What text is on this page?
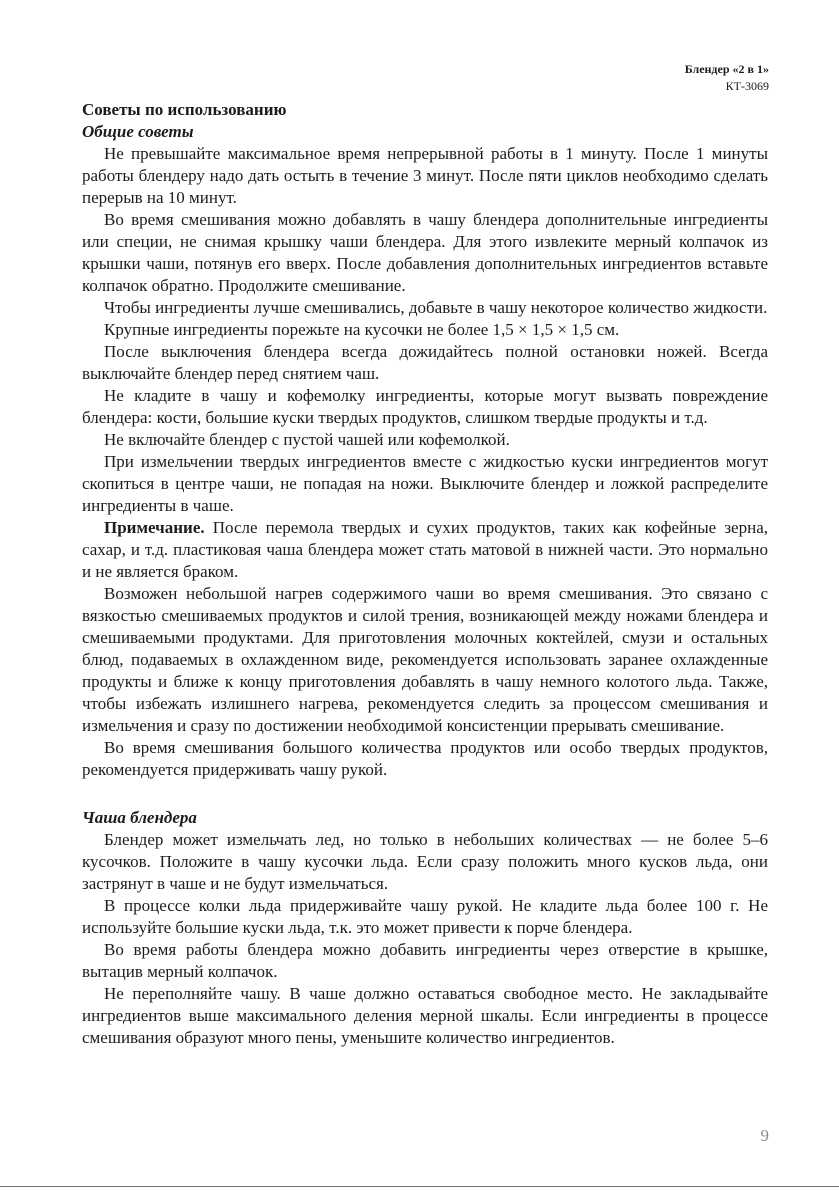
Блендер «2 в 1»
КТ-3069
Советы по использованию
Общие советы

Не превышайте максимальное время непрерывной работы в 1 минуту. После 1 минуты работы блендеру надо дать остыть в течение 3 минут. После пяти циклов необходимо сделать перерыв на 10 минут.

Во время смешивания можно добавлять в чашу блендера дополнительные ингредиенты или специи, не снимая крышку чаши блендера. Для этого извлеките мерный колпачок из крышки чаши, потянув его вверх. После добавления дополнительных ингредиентов вставьте колпачок обратно. Продолжите смешивание.

Чтобы ингредиенты лучше смешивались, добавьте в чашу некоторое количество жидкости.

Крупные ингредиенты порежьте на кусочки не более 1,5 × 1,5 × 1,5 см.

После выключения блендера всегда дожидайтесь полной остановки ножей. Всегда выключайте блендер перед снятием чаш.

Не кладите в чашу и кофемолку ингредиенты, которые могут вызвать повреждение блендера: кости, большие куски твердых продуктов, слишком твердые продукты и т.д.

Не включайте блендер с пустой чашей или кофемолкой.

При измельчении твердых ингредиентов вместе с жидкостью куски ингредиентов могут скопиться в центре чаши, не попадая на ножи. Выключите блендер и ложкой распределите ингредиенты в чаше.

Примечание. После перемола твердых и сухих продуктов, таких как кофейные зерна, сахар, и т.д. пластиковая чаша блендера может стать матовой в нижней части. Это нормально и не является браком.

Возможен небольшой нагрев содержимого чаши во время смешивания. Это связано с вязкостью смешиваемых продуктов и силой трения, возникающей между ножами блендера и смешиваемыми продуктами. Для приготовления молочных коктейлей, смузи и остальных блюд, подаваемых в охлажденном виде, рекомендуется использовать заранее охлажденные продукты и ближе к концу приготовления добавлять в чашу немного колотого льда. Также, чтобы избежать излишнего нагрева, рекомендуется следить за процессом смешивания и измельчения и сразу по достижении необходимой консистенции прерывать смешивание.

Во время смешивания большого количества продуктов или особо твердых продуктов, рекомендуется придерживать чашу рукой.

Чаша блендера

Блендер может измельчать лед, но только в небольших количествах — не более 5–6 кусочков. Положите в чашу кусочки льда. Если сразу положить много кусков льда, они застрянут в чаше и не будут измельчаться.

В процессе колки льда придерживайте чашу рукой. Не кладите льда более 100 г. Не используйте большие куски льда, т.к. это может привести к порче блендера.

Во время работы блендера можно добавить ингредиенты через отверстие в крышке, вытацив мерный колпачок.

Не переполняйте чашу. В чаше должно оставаться свободное место. Не закладывайте ингредиентов выше максимального деления мерной шкалы. Если ингредиенты в процессе смешивания образуют много пены, уменьшите количество ингредиентов.

9
